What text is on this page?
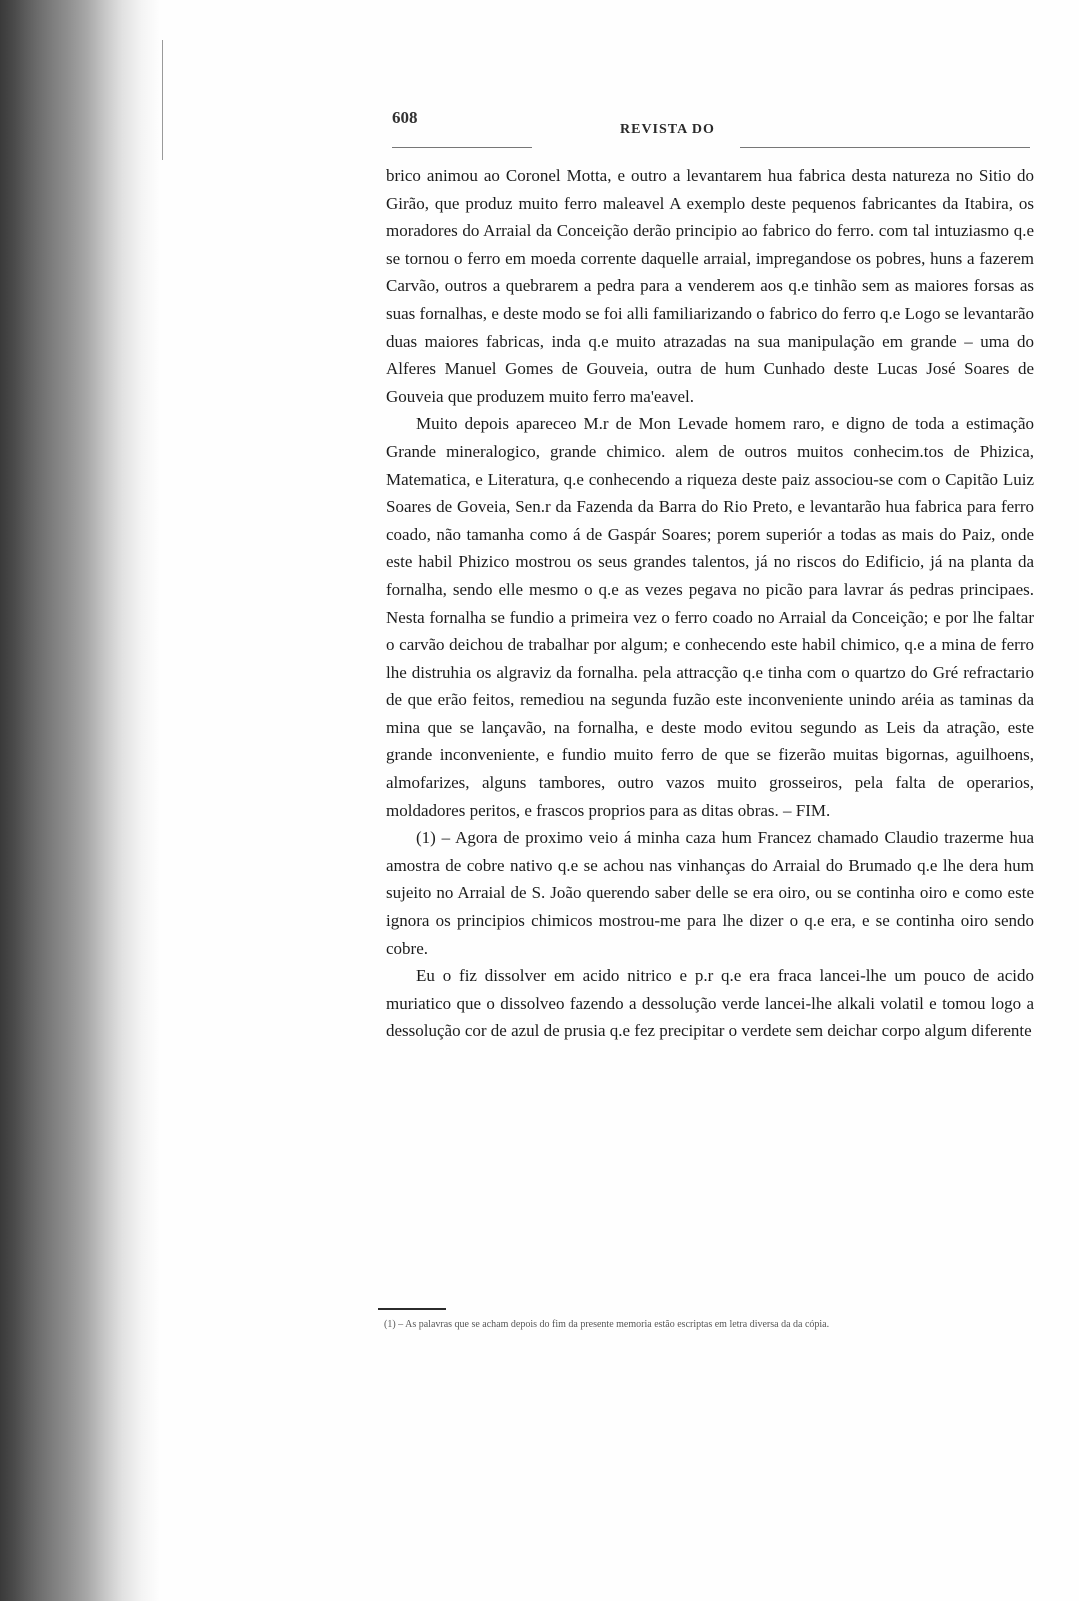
608
REVISTA DO

brico animou ao Coronel Motta, e outro a levantarem hua fabrica desta natureza no Sitio do Girão, que produz muito ferro maleavel A exemplo deste pequenos fabricantes da Itabira, os moradores do Arraial da Conceição derão principio ao fabrico do ferro. com tal intuziasmo q.e se tornou o ferro em moeda corrente daquelle arraial, impregandose os pobres, huns a fazerem Carvão, outros a quebrarem a pedra para a venderem aos q.e tinhão sem as maiores forsas as suas fornalhas, e deste modo se foi alli familiarizando o fabrico do ferro q.e Logo se levantarão duas maiores fabricas, inda q.e muito atrazadas na sua manipulação em grande – uma do Alferes Manuel Gomes de Gouveia, outra de hum Cunhado deste Lucas José Soares de Gouveia que produzem muito ferro ma'eavel.

Muito depois apareceo M.r de Mon Levade homem raro, e digno de toda a estimação Grande mineralogico, grande chimico. alem de outros muitos conhecim.tos de Phizica, Matematica, e Literatura, q.e conhecendo a riqueza deste paiz associou-se com o Capitão Luiz Soares de Goveia, Sen.r da Fazenda da Barra do Rio Preto, e levantarão hua fabrica para ferro coado, não tamanha como á de Gaspár Soares; porem superiór a todas as mais do Paiz, onde este habil Phizico mostrou os seus grandes talentos, já no riscos do Edificio, já na planta da fornalha, sendo elle mesmo o q.e as vezes pegava no picão para lavrar ás pedras principaes. Nesta fornalha se fundio a primeira vez o ferro coado no Arraial da Conceição; e por lhe faltar o carvão deichou de trabalhar por algum; e conhecendo este habil chimico, q.e a mina de ferro lhe distruhia os algraviz da fornalha. pela attracção q.e tinha com o quartzo do Gré refractario de que erão feitos, remediou na segunda fuzão este inconveniente unindo aréia as taminas da mina que se lançavão, na fornalha, e deste modo evitou segundo as Leis da atração, este grande inconveniente, e fundio muito ferro de que se fizerão muitas bigornas, aguilhoens, almofarizes, alguns tambores, outro vazos muito grosseiros, pela falta de operarios, moldadores peritos, e frascos proprios para as ditas obras. – FIM.

(1) – Agora de proximo veio á minha caza hum Francez chamado Claudio trazerme hua amostra de cobre nativo q.e se achou nas vinhanças do Arraial do Brumado q.e lhe dera hum sujeito no Arraial de S. João querendo saber delle se era oiro, ou se continha oiro e como este ignora os principios chimicos mostrou-me para lhe dizer o q.e era, e se continha oiro sendo cobre.

Eu o fiz dissolver em acido nitrico e p.r q.e era fraca lancei-lhe um pouco de acido muriatico que o dissolveo fazendo a dessolução verde lancei-lhe alkali volatil e tomou logo a dessolução cor de azul de prusia q.e fez precipitar o verdete sem deichar corpo algum diferente

(1) – As palavras que se acham depois do fim da presente memoria estão escriptas em letra diversa da da cópia.
